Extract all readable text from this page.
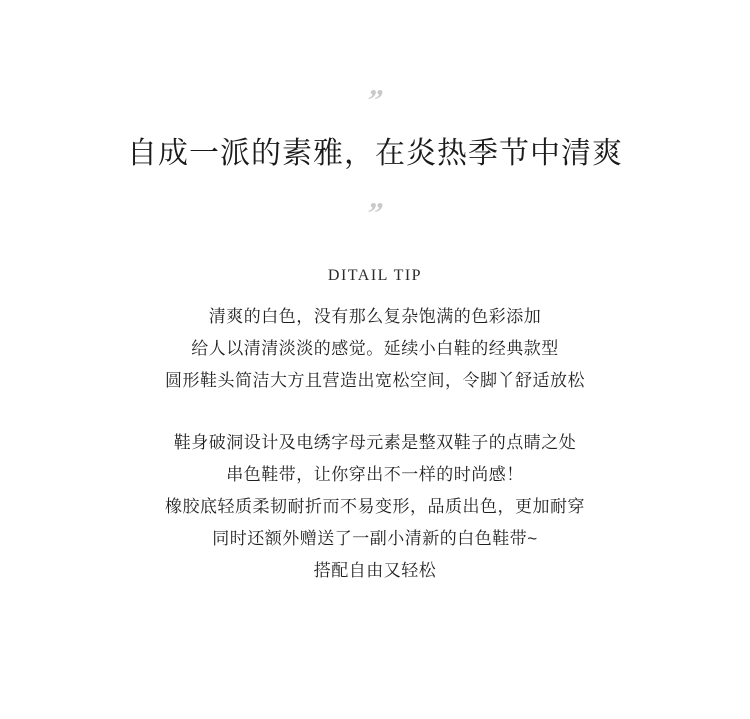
”
自成一派的素雅，在炎热季节中清爽
”
DITAIL TIP
清爽的白色，没有那么复杂饱满的色彩添加
给人以清清淡淡的感觉。延续小白鞋的经典款型
圆形鞋头简洁大方且营造出宽松空间，令脚丫舒适放松
鞋身破洞设计及电绣字母元素是整双鞋子的点睛之处
串色鞋带，让你穿出不一样的时尚感！
橡胶底轻质柔韧耐折而不易变形，品质出色，更加耐穿
同时还额外赠送了一副小清新的白色鞋带~
搭配自由又轻松
